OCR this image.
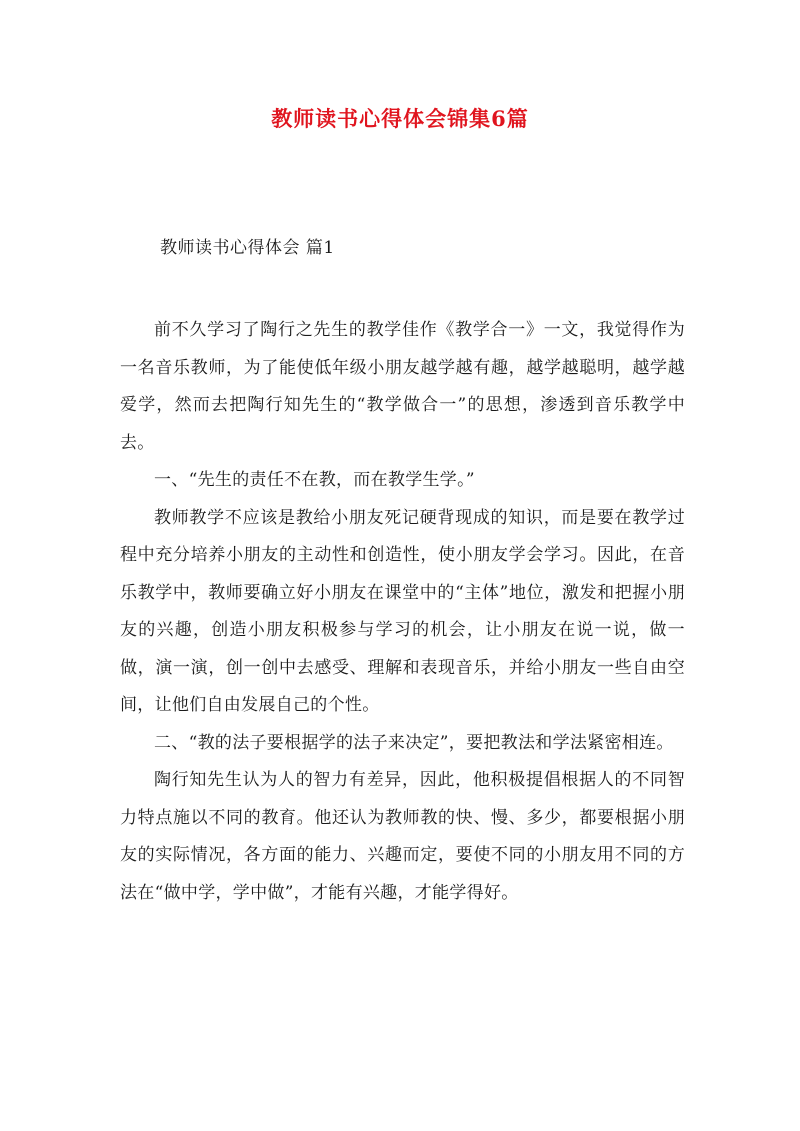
教师读书心得体会锦集6篇
教师读书心得体会 篇1

前不久学习了陶行之先生的教学佳作《教学合一》一文，我觉得作为一名音乐教师，为了能使低年级小朋友越学越有趣，越学越聪明，越学越爱学，然而去把陶行知先生的“教学做合一”的思想，渗透到音乐教学中去。

一、“先生的责任不在教，而在教学生学。”

教师教学不应该是教给小朋友死记硬背现成的知识，而是要在教学过程中充分培养小朋友的主动性和创造性，使小朋友学会学习。因此，在音乐教学中，教师要确立好小朋友在课堂中的“主体”地位，激发和把握小朋友的兴趣，创造小朋友积极参与学习的机会，让小朋友在说一说，做一做，演一演，创一创中去感受、理解和表现音乐，并给小朋友一些自由空间，让他们自由发展自己的个性。

二、“教的法子要根据学的法子来决定”，要把教法和学法紧密相连。

陶行知先生认为人的智力有差异，因此，他积极提倡根据人的不同智力特点施以不同的教育。他还认为教师教的快、慢、多少，都要根据小朋友的实际情况，各方面的能力、兴趣而定，要使不同的小朋友用不同的方法在“做中学，学中做”，才能有兴趣，才能学得好。
